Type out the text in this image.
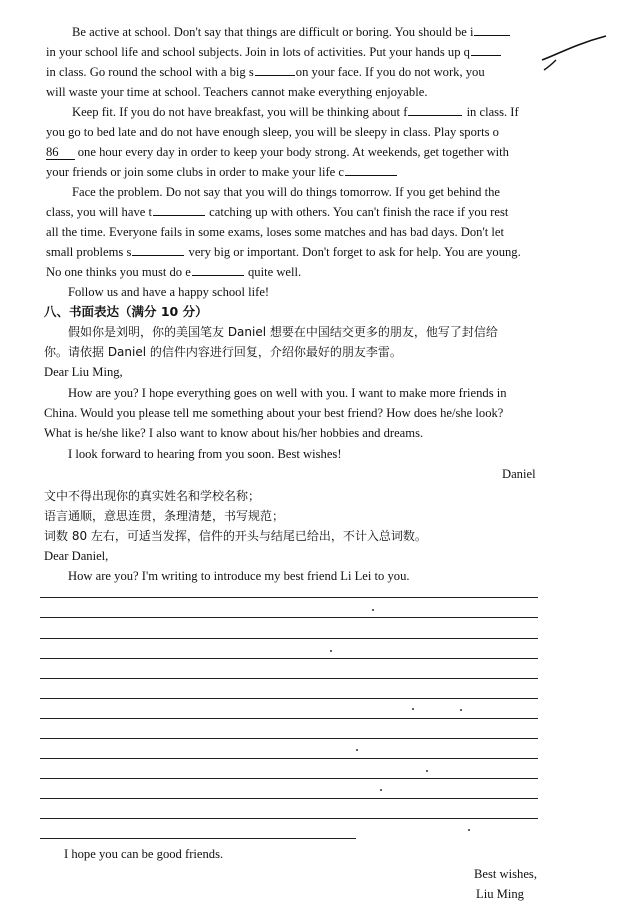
Be active at school. Don't say that things are difficult or boring. You should be i
in your school life and school subjects. Join in lots of activities. Put your hands up q
in class. Go round the school with a big s	on your face. If you do not work, you
will waste your time at school. Teachers cannot make everything enjoyable.
Keep fit. If you do not have breakfast, you will be thinking about f	in class. If
you go to bed late and do not have enough sleep, you will be sleepy in class. Play sports o
86 one hour every day in order to keep your body strong. At weekends, get together with
your friends or join some clubs in order to make your life c
Face the problem. Do not say that you will do things tomorrow. If you get behind the
class, you will have t	catching up with others. You can't finish the race if you rest
all the time. Everyone fails in some exams, loses some matches and has bad days. Don't let
small problems s	very big or important. Don't forget to ask for help. You are young.
No one thinks you must do e	quite well.
Follow us and have a happy school life!
八、书面表达（满分 10 分）
假如你是刘明，你的美国笔友 Daniel 想要在中国结交更多的朋友，他写了封信给
你。请依据 Daniel 的信件内容进行回复，介绍你最好的朋友李雷。
Dear Liu Ming,
How are you? I hope everything goes on well with you. I want to make more friends in
China. Would you please tell me something about your best friend? How does he/she look?
What is he/she like? I also want to know about his/her hobbies and dreams.
I look forward to hearing from you soon. Best wishes!
Daniel
文中不得出现你的真实姓名和学校名称；
语言通顺，意思连贯，条理清楚，书写规范；
词数 80 左右，可适当发挥，信件的开头与结尾已给出，不计入总词数。
Dear Daniel,
How are you? I'm writing to introduce my best friend Li Lei to you.
I hope you can be good friends.
Best wishes,
Liu Ming
